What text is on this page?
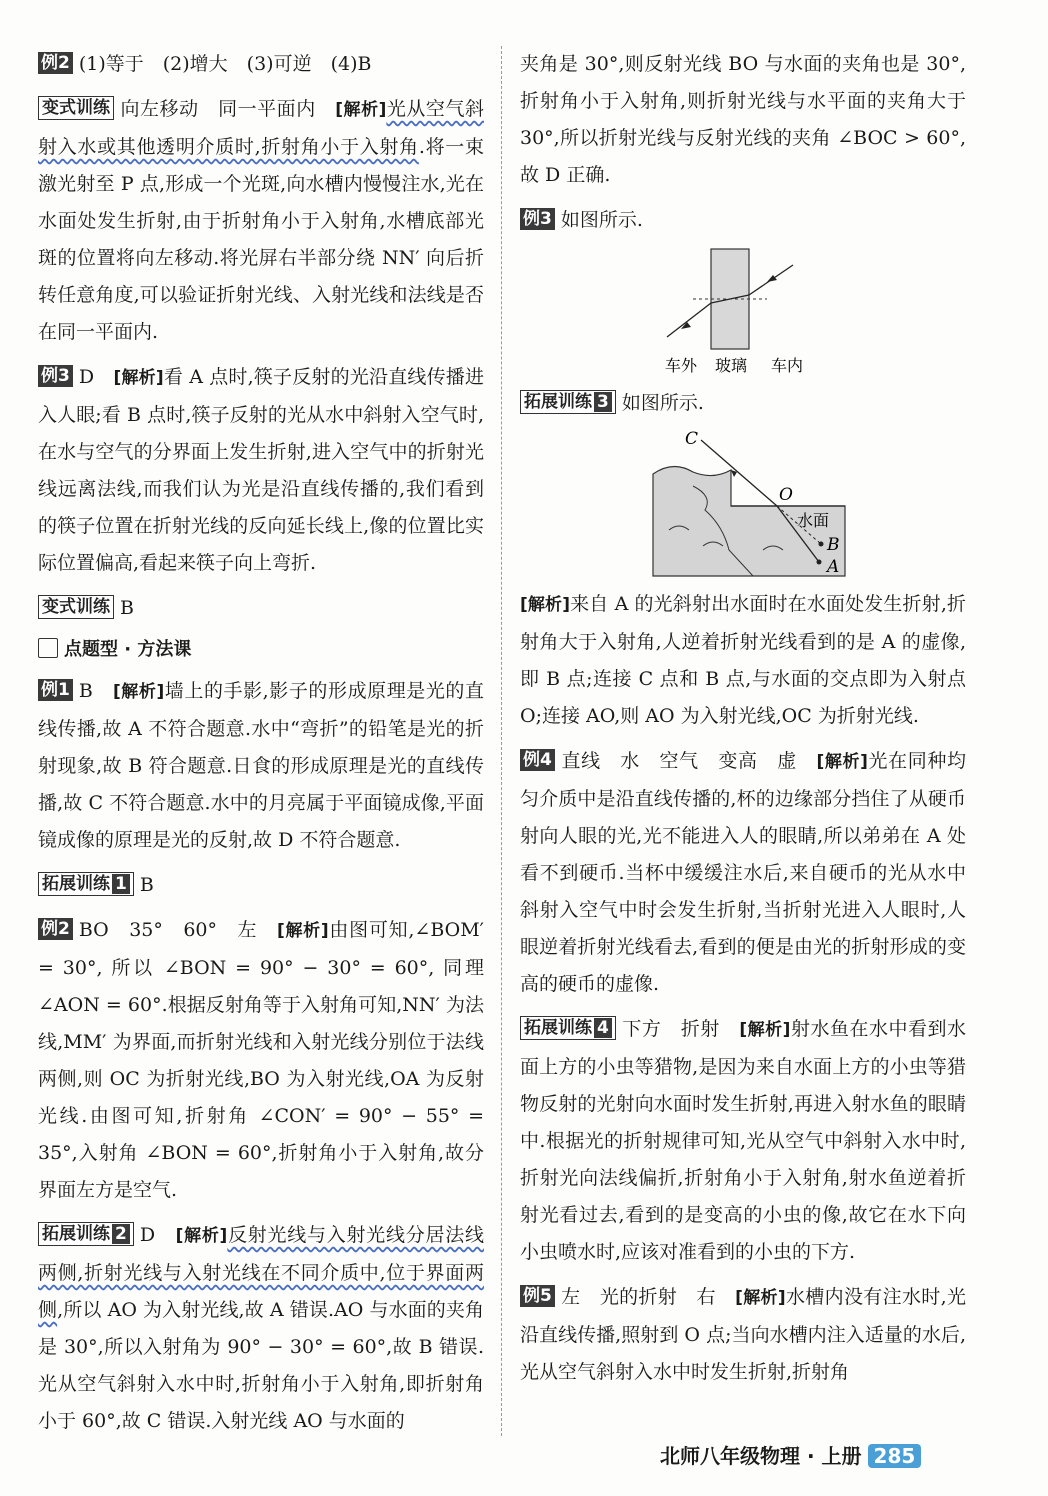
例2 (1)等于　(2)增大　(3)可逆　(4)B

变式训练 向左移动　同一平面内　 [解析]光从空气斜射入水或其他透明介质时,折射角小于入射角.将一束激光射至 P 点,形成一个光斑,向水槽内慢慢注水,光在水面处发生折射,由于折射角小于入射角,水槽底部光斑的位置将向左移动.将光屏右半部分绕 NN′ 向后折转任意角度,可以验证折射光线、入射光线和法线是否在同一平面内.

例3 D　 [解析]看 A 点时,筷子反射的光沿直线传播进入人眼;看 B 点时,筷子反射的光从水中斜射入空气时,在水与空气的分界面上发生折射,进入空气中的折射光线远离法线,而我们认为光是沿直线传播的,我们看到的筷子位置在折射光线的反向延长线上,像的位置比实际位置偏高,看起来筷子向上弯折.

变式训练 B

点题型 · 方法课

例1 B　 [解析]墙上的手影,影子的形成原理是光的直线传播,故 A 不符合题意.水中“弯折”的铅笔是光的折射现象,故 B 符合题意.日食的形成原理是光的直线传播,故 C 不符合题意.水中的月亮属于平面镜成像,平面镜成像的原理是光的反射,故 D 不符合题意.

拓展训练 1 B

例2 BO　35°　60°　左　 [解析]由图可知,∠BOM′ = 30°, 所以 ∠BON = 90° − 30° = 60°, 同理 ∠AON = 60°.根据反射角等于入射角可知,NN′ 为法线,MM′ 为界面,而折射光线和入射光线分别位于法线两侧,则 OC 为折射光线,BO 为入射光线,OA 为反射光线.由图可知,折射角 ∠CON′ = 90° − 55° = 35°,入射角 ∠BON = 60°,折射角小于入射角,故分界面左方是空气.

拓展训练 2 D　 [解析]反射光线与入射光线分居法线两侧,折射光线与入射光线在不同介质中,位于界面两侧,所以 AO 为入射光线,故 A 错误.AO 与水面的夹角是 30°,所以入射角为 90° − 30° = 60°,故 B 错误.光从空气斜射入水中时,折射角小于入射角,即折射角小于 60°,故 C 错误.入射光线 AO 与水面的

夹角是 30°,则反射光线 BO 与水面的夹角也是 30°,折射角小于入射角,则折射光线与水平面的夹角大于 30°,所以折射光线与反射光线的夹角 ∠BOC > 60°,故 D 正确.

例3 如图所示.

车外 玻璃 车内

拓展训练 3 如图所示.

C
O
水面
B
A

[解析]来自 A 的光斜射出水面时在水面处发生折射,折射角大于入射角,人逆着折射光线看到的是 A 的虚像,即 B 点;连接 C 点和 B 点,与水面的交点即为入射点 O;连接 AO,则 AO 为入射光线,OC 为折射光线.

例4 直线　水　空气　变高　虚　 [解析]光在同种均匀介质中是沿直线传播的,杯的边缘部分挡住了从硬币射向人眼的光,光不能进入人的眼睛,所以弟弟在 A 处看不到硬币.当杯中缓缓注水后,来自硬币的光从水中斜射入空气中时会发生折射,当折射光进入人眼时,人眼逆着折射光线看去,看到的便是由光的折射形成的变高的硬币的虚像.

拓展训练 4 下方　折射　 [解析]射水鱼在水中看到水面上方的小虫等猎物,是因为来自水面上方的小虫等猎物反射的光射向水面时发生折射,再进入射水鱼的眼睛中.根据光的折射规律可知,光从空气中斜射入水中时,折射光向法线偏折,折射角小于入射角,射水鱼逆着折射光看过去,看到的是变高的小虫的像,故它在水下向小虫喷水时,应该对准看到的小虫的下方.

例5 左　光的折射　右　 [解析]水槽内没有注水时,光沿直线传播,照射到 O 点;当向水槽内注入适量的水后,光从空气斜射入水中时发生折射,折射角

北师八年级物理 · 上册 285
